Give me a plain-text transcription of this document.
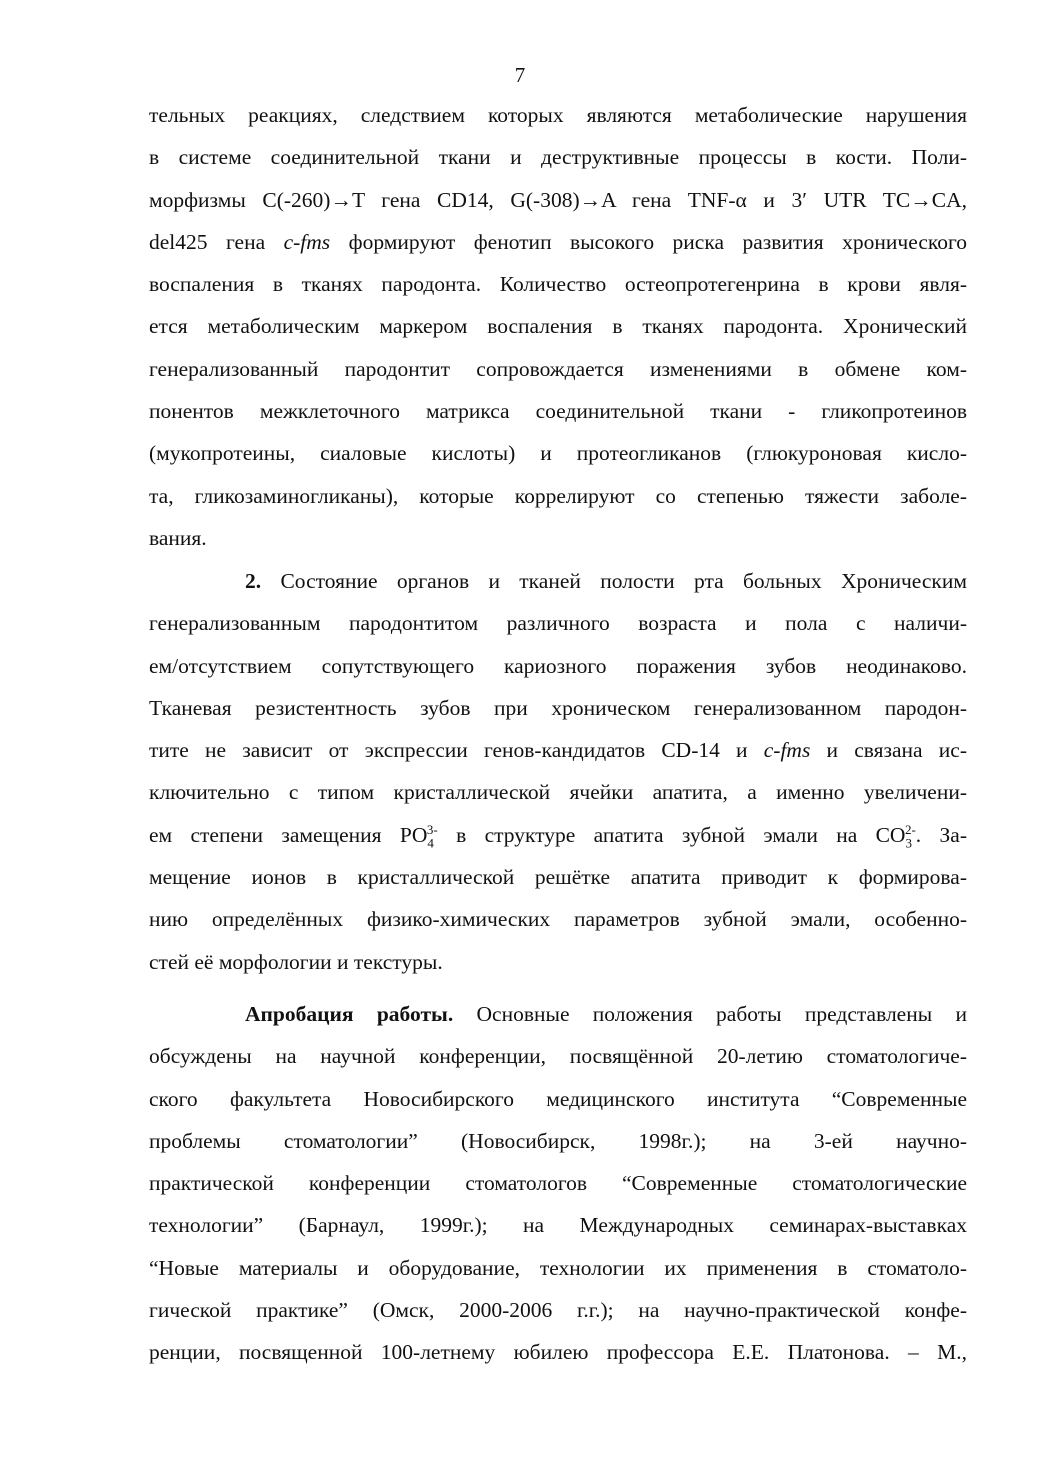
7
тельных реакциях, следствием которых являются метаболические нарушения
в системе соединительной ткани и деструктивные процессы в кости. Поли-
морфизмы C(-260)→T гена CD14, G(-308)→A гена TNF-α и 3′ UTR TC→CA,
del425 гена c-fms формируют фенотип высокого риска развития хронического
воспаления в тканях пародонта. Количество остеопротегенрина в крови явля-
ется метаболическим маркером воспаления в тканях пародонта. Хронический
генерализованный пародонтит сопровождается изменениями в обмене ком-
понентов межклеточного матрикса соединительной ткани - гликопротеинов
(мукопротеины, сиаловые кислоты) и протеогликанов (глюкуроновая кисло-
та, гликозаминогликаны), которые коррелируют со степенью тяжести заболе-
вания.
2. Состояние органов и тканей полости рта больных Хроническим
генерализованным пародонтитом различного возраста и пола с наличи-
ем/отсутствием сопутствующего кариозного поражения зубов неодинаково.
Тканевая резистентность зубов при хроническом генерализованном пародон-
тите не зависит от экспрессии генов-кандидатов CD-14 и c-fms и связана ис-
ключительно с типом кристаллической ячейки апатита, а именно увеличени-
ем степени замещения $PO_4^{3-}$ в структуре апатита зубной эмали на $CO_3^{2-}$. За-
мещение ионов в кристаллической решётке апатита приводит к формирова-
нию определённых физико-химических параметров зубной эмали, особенно-
стей её морфологии и текстуры.
Апробация работы. Основные положения работы представлены и
обсуждены на научной конференции, посвящённой 20-летию стоматологиче-
ского факультета Новосибирского медицинского института “Современные
проблемы стоматологии” (Новосибирск, 1998г.); на 3-ей научно-
практической конференции стоматологов “Современные стоматологические
технологии” (Барнаул, 1999г.); на Международных семинарах-выставках
“Новые материалы и оборудование, технологии их применения в стоматоло-
гической практике” (Омск, 2000-2006 г.г.); на научно-практической конфе-
ренции, посвященной 100-летнему юбилею профессора Е.Е. Платонова. – М.,
